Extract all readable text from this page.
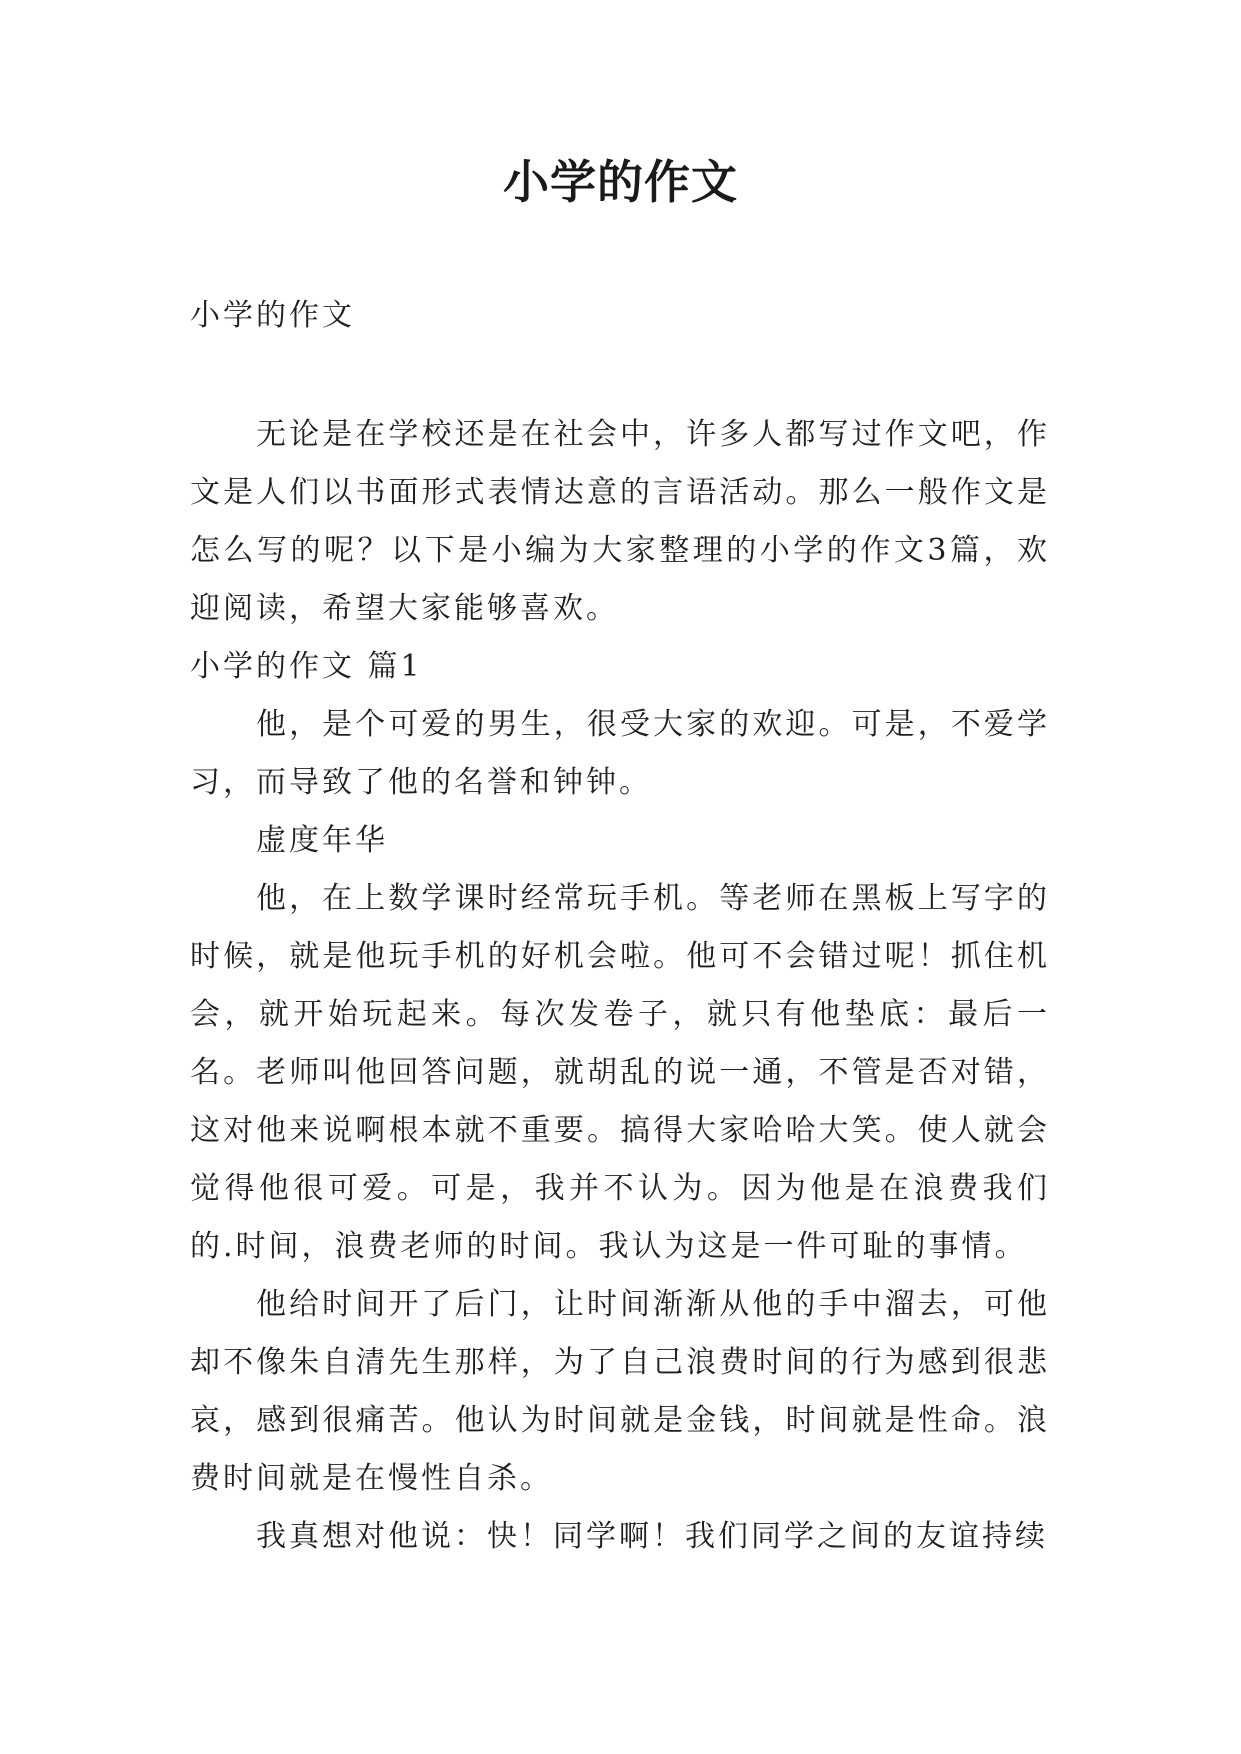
小学的作文

小学的作文

无论是在学校还是在社会中，许多人都写过作文吧，作文是人们以书面形式表情达意的言语活动。那么一般作文是怎么写的呢？以下是小编为大家整理的小学的作文3篇，欢迎阅读，希望大家能够喜欢。

小学的作文 篇1

他，是个可爱的男生，很受大家的欢迎。可是，不爱学习，而导致了他的名誉和钟钟。

虚度年华

他，在上数学课时经常玩手机。等老师在黑板上写字的时候，就是他玩手机的好机会啦。他可不会错过呢！抓住机会，就开始玩起来。每次发卷子，就只有他垫底：最后一名。老师叫他回答问题，就胡乱的说一通，不管是否对错，这对他来说啊根本就不重要。搞得大家哈哈大笑。使人就会觉得他很可爱。可是，我并不认为。因为他是在浪费我们的.时间，浪费老师的时间。我认为这是一件可耻的事情。

他给时间开了后门，让时间渐渐从他的手中溜去，可他却不像朱自清先生那样，为了自己浪费时间的行为感到很悲哀，感到很痛苦。他认为时间就是金钱，时间就是性命。浪费时间就是在慢性自杀。

我真想对他说：快！同学啊！我们同学之间的友谊持续
